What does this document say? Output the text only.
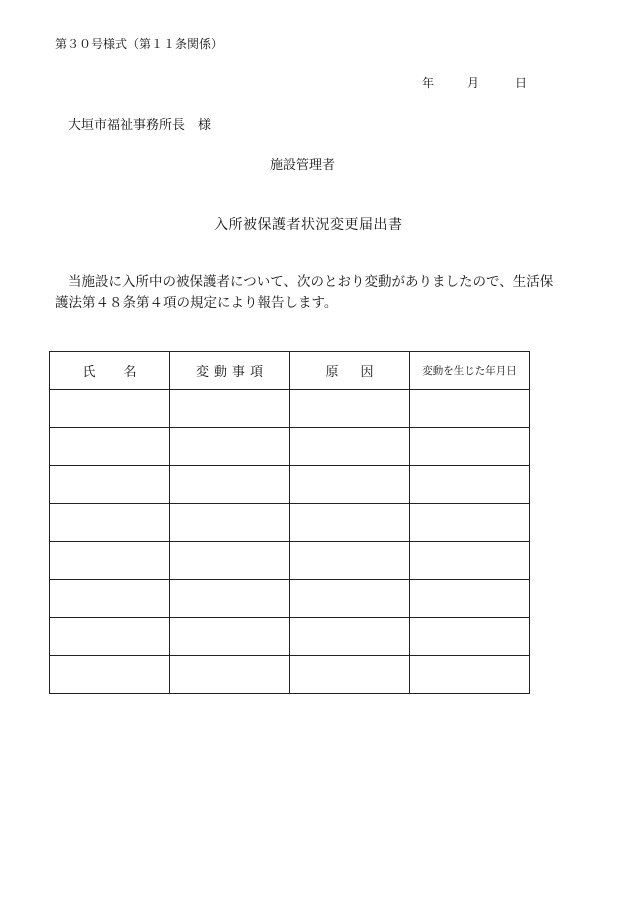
第３０号様式（第１１条関係）
年	月	日
大垣市福祉事務所長　様
施設管理者
入所被保護者状況変更届出書
当施設に入所中の被保護者について、次のとおり変動がありましたので、生活保
護法第４８条第４項の規定により報告します。
氏名	変動事項	原因	変動を生じた年月日
